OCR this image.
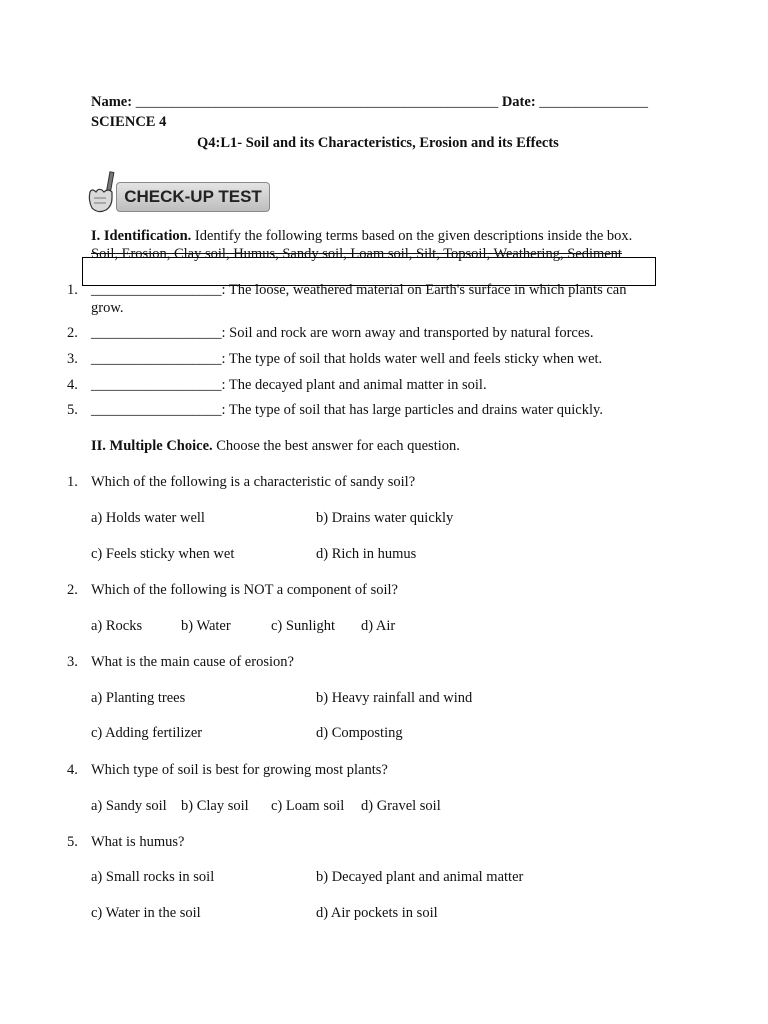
Name: __________________________________________________ Date: _______________
SCIENCE 4
Q4:L1- Soil and its Characteristics, Erosion and its Effects
CHECK-UP TEST
I. Identification. Identify the following terms based on the given descriptions inside the box.
Soil, Erosion, Clay soil, Humus, Sandy soil, Loam soil, Silt, Topsoil, Weathering, Sediment
1. __________________: The loose, weathered material on Earth's surface in which plants can
grow.
2. __________________: Soil and rock are worn away and transported by natural forces.
3. __________________: The type of soil that holds water well and feels sticky when wet.
4. __________________: The decayed plant and animal matter in soil.
5. __________________: The type of soil that has large particles and drains water quickly.
II. Multiple Choice. Choose the best answer for each question.
1. Which of the following is a characteristic of sandy soil?
a) Holds water well	b) Drains water quickly
c) Feels sticky when wet	d) Rich in humus
2. Which of the following is NOT a component of soil?
a) Rocks	b) Water	c) Sunlight d) Air
3. What is the main cause of erosion?
a) Planting trees	b) Heavy rainfall and wind
c) Adding fertilizer	d) Composting
4. Which type of soil is best for growing most plants?
a) Sandy soil b) Clay soil c) Loam soil d) Gravel soil
5. What is humus?
a) Small rocks in soil	b) Decayed plant and animal matter
c) Water in the soil	d) Air pockets in soil
